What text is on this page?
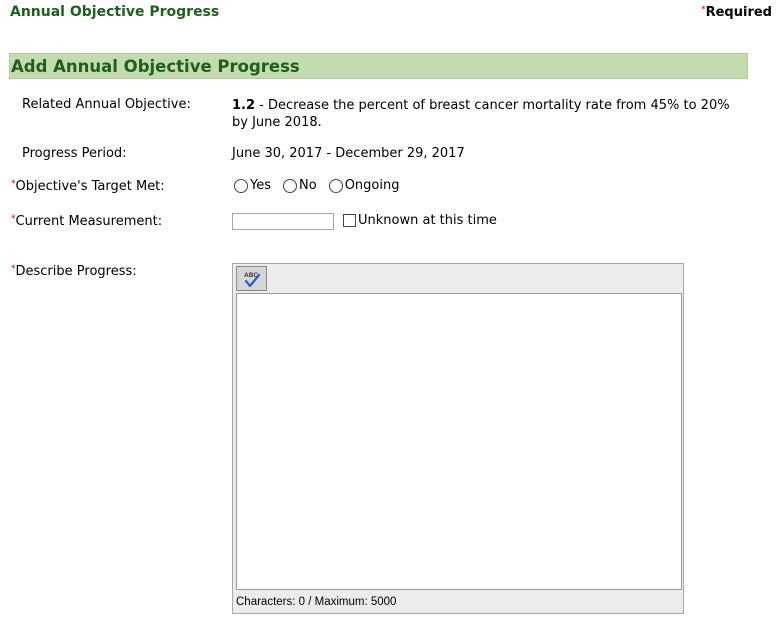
Annual Objective Progress	*Required
Add Annual Objective Progress
Related Annual Objective:	1.2 - Decrease the percent of breast cancer mortality rate from 45% to 20% by June 2018.
Progress Period:	June 30, 2017 - December 29, 2017
*Objective's Target Met:	Yes No Ongoing
*Current Measurement:	Unknown at this time
*Describe Progress:	ABC
Characters: 0 / Maximum: 5000
